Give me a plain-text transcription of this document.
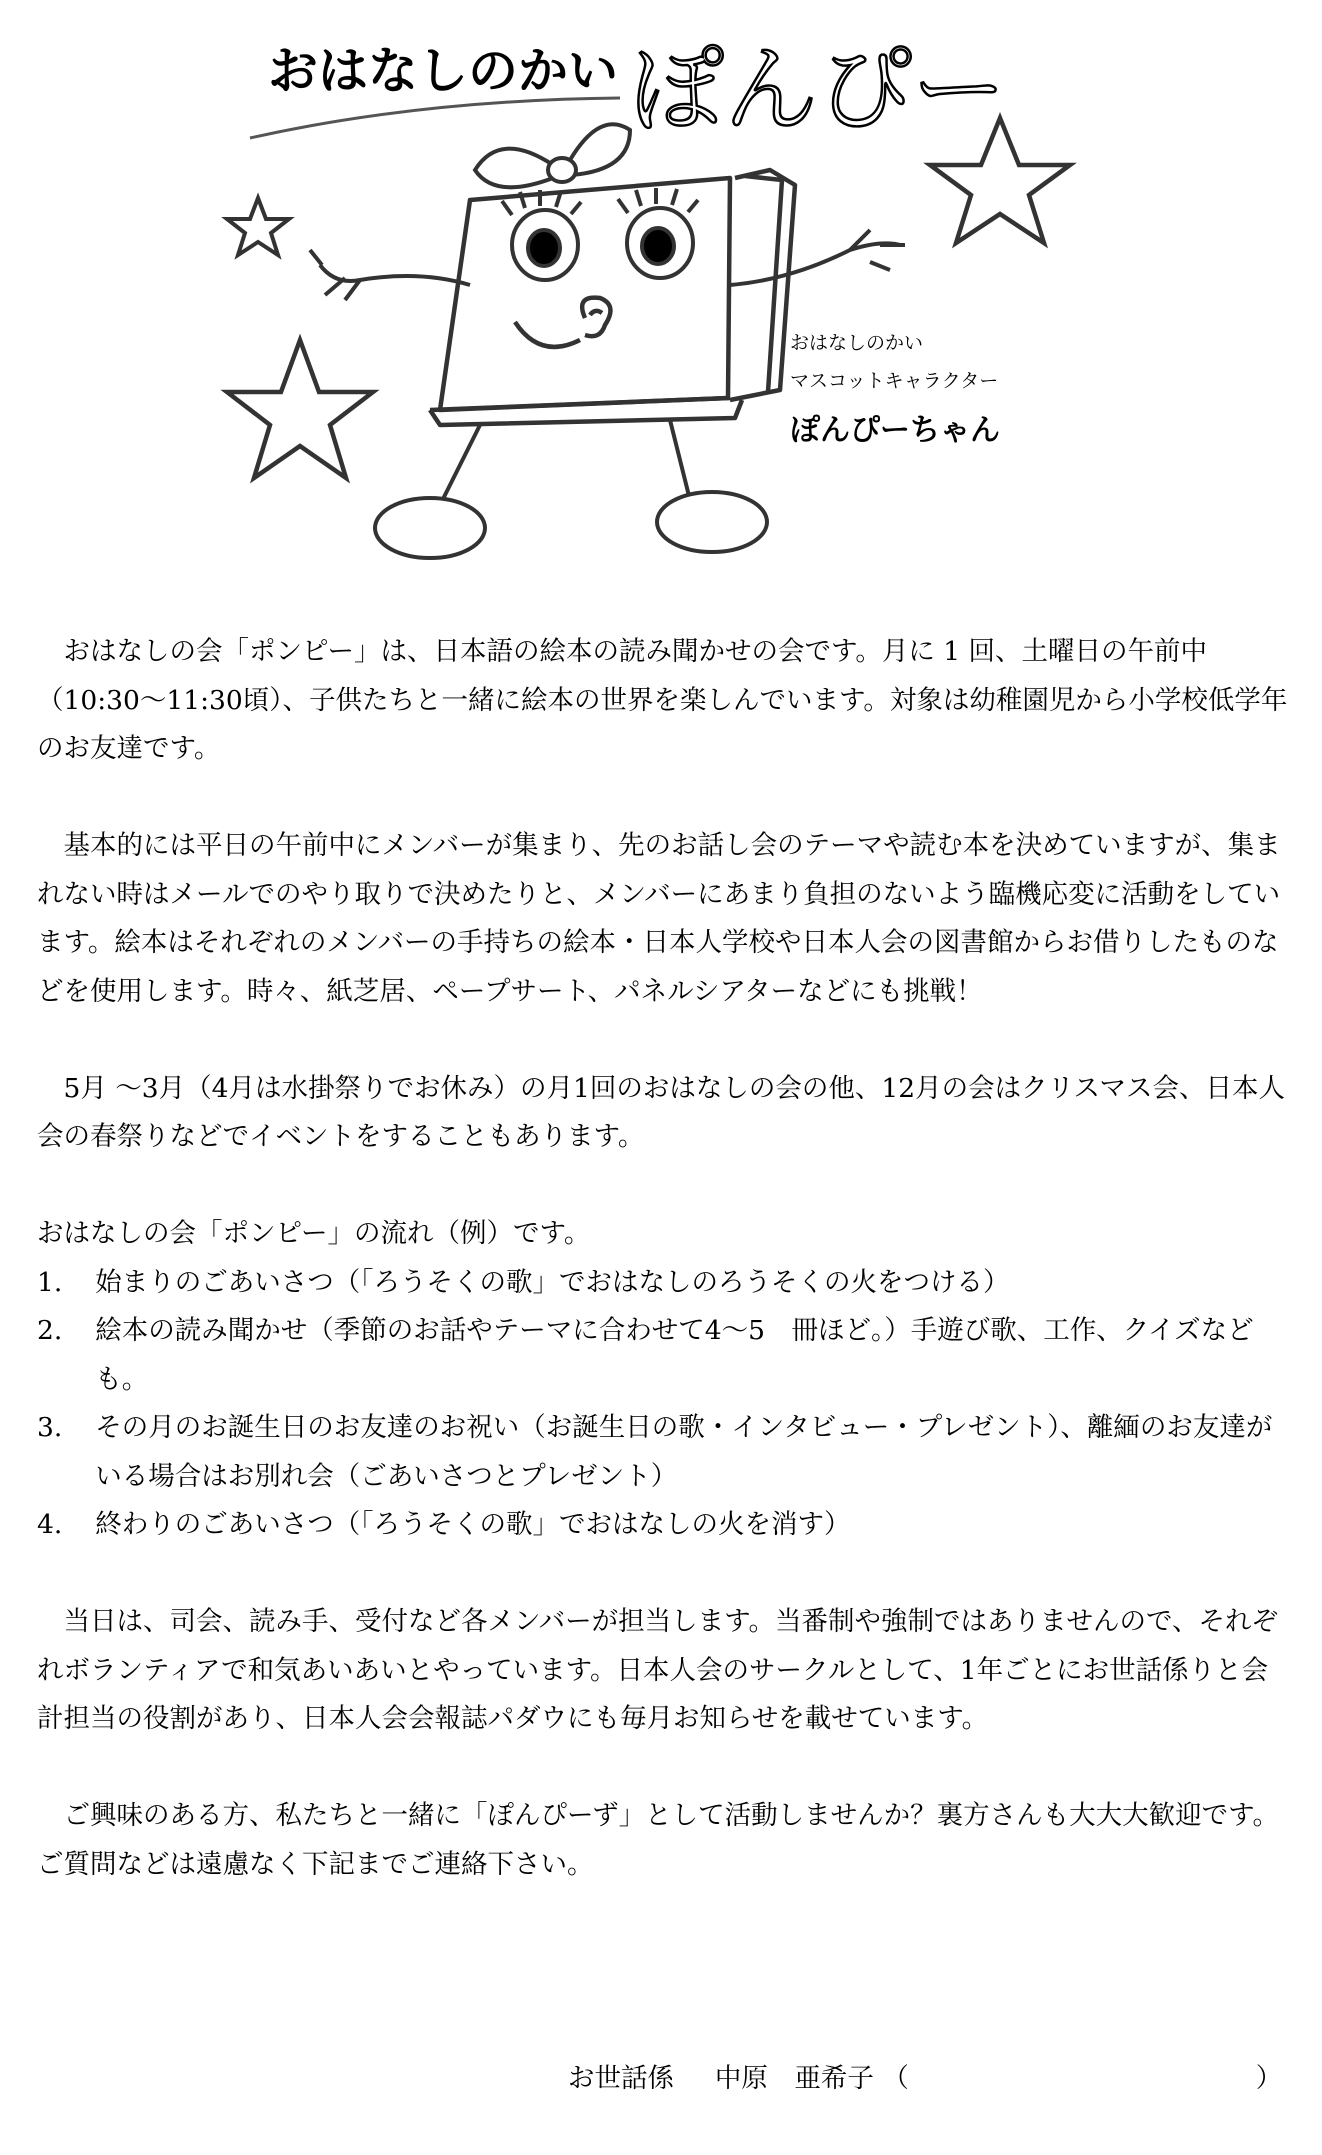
おはなしのかい ぽんぴー
おはなしのかい
マスコットキャラクター
ぽんぴーちゃん

おはなしの会「ポンピー」は、日本語の絵本の読み聞かせの会です。月に 1 回、土曜日の午前中（10:30〜11:30頃）、子供たちと一緒に絵本の世界を楽しんでいます。対象は幼稚園児から小学校低学年のお友達です。

基本的には平日の午前中にメンバーが集まり、先のお話し会のテーマや読む本を決めていますが、集まれない時はメールでのやり取りで決めたりと、メンバーにあまり負担のないよう臨機応変に活動をしています。絵本はそれぞれのメンバーの手持ちの絵本・日本人学校や日本人会の図書館からお借りしたものなどを使用します。時々、紙芝居、ペープサート、パネルシアターなどにも挑戦！

5月 〜3月（4月は水掛祭りでお休み）の月1回のおはなしの会の他、12月の会はクリスマス会、日本人会の春祭りなどでイベントをすることもあります。

おはなしの会「ポンピー」の流れ（例）です。

1. 始まりのごあいさつ（「ろうそくの歌」でおはなしのろうそくの火をつける）

2. 絵本の読み聞かせ（季節のお話やテーマに合わせて4〜5　冊ほど。）手遊び歌、工作、クイズなども。

3. その月のお誕生日のお友達のお祝い（お誕生日の歌・インタビュー・プレゼント）、離緬のお友達がいる場合はお別れ会（ごあいさつとプレゼント）

4. 終わりのごあいさつ（「ろうそくの歌」でおはなしの火を消す）

当日は、司会、読み手、受付など各メンバーが担当します。当番制や強制ではありませんので、それぞれボランティアで和気あいあいとやっています。日本人会のサークルとして、1年ごとにお世話係りと会計担当の役割があり、日本人会会報誌パダウにも毎月お知らせを載せています。

ご興味のある方、私たちと一緒に「ぽんぴーず」として活動しませんか？裏方さんも大大大歓迎です。ご質問などは遠慮なく下記までご連絡下さい。

お世話係 中原　亜希子 （	）
